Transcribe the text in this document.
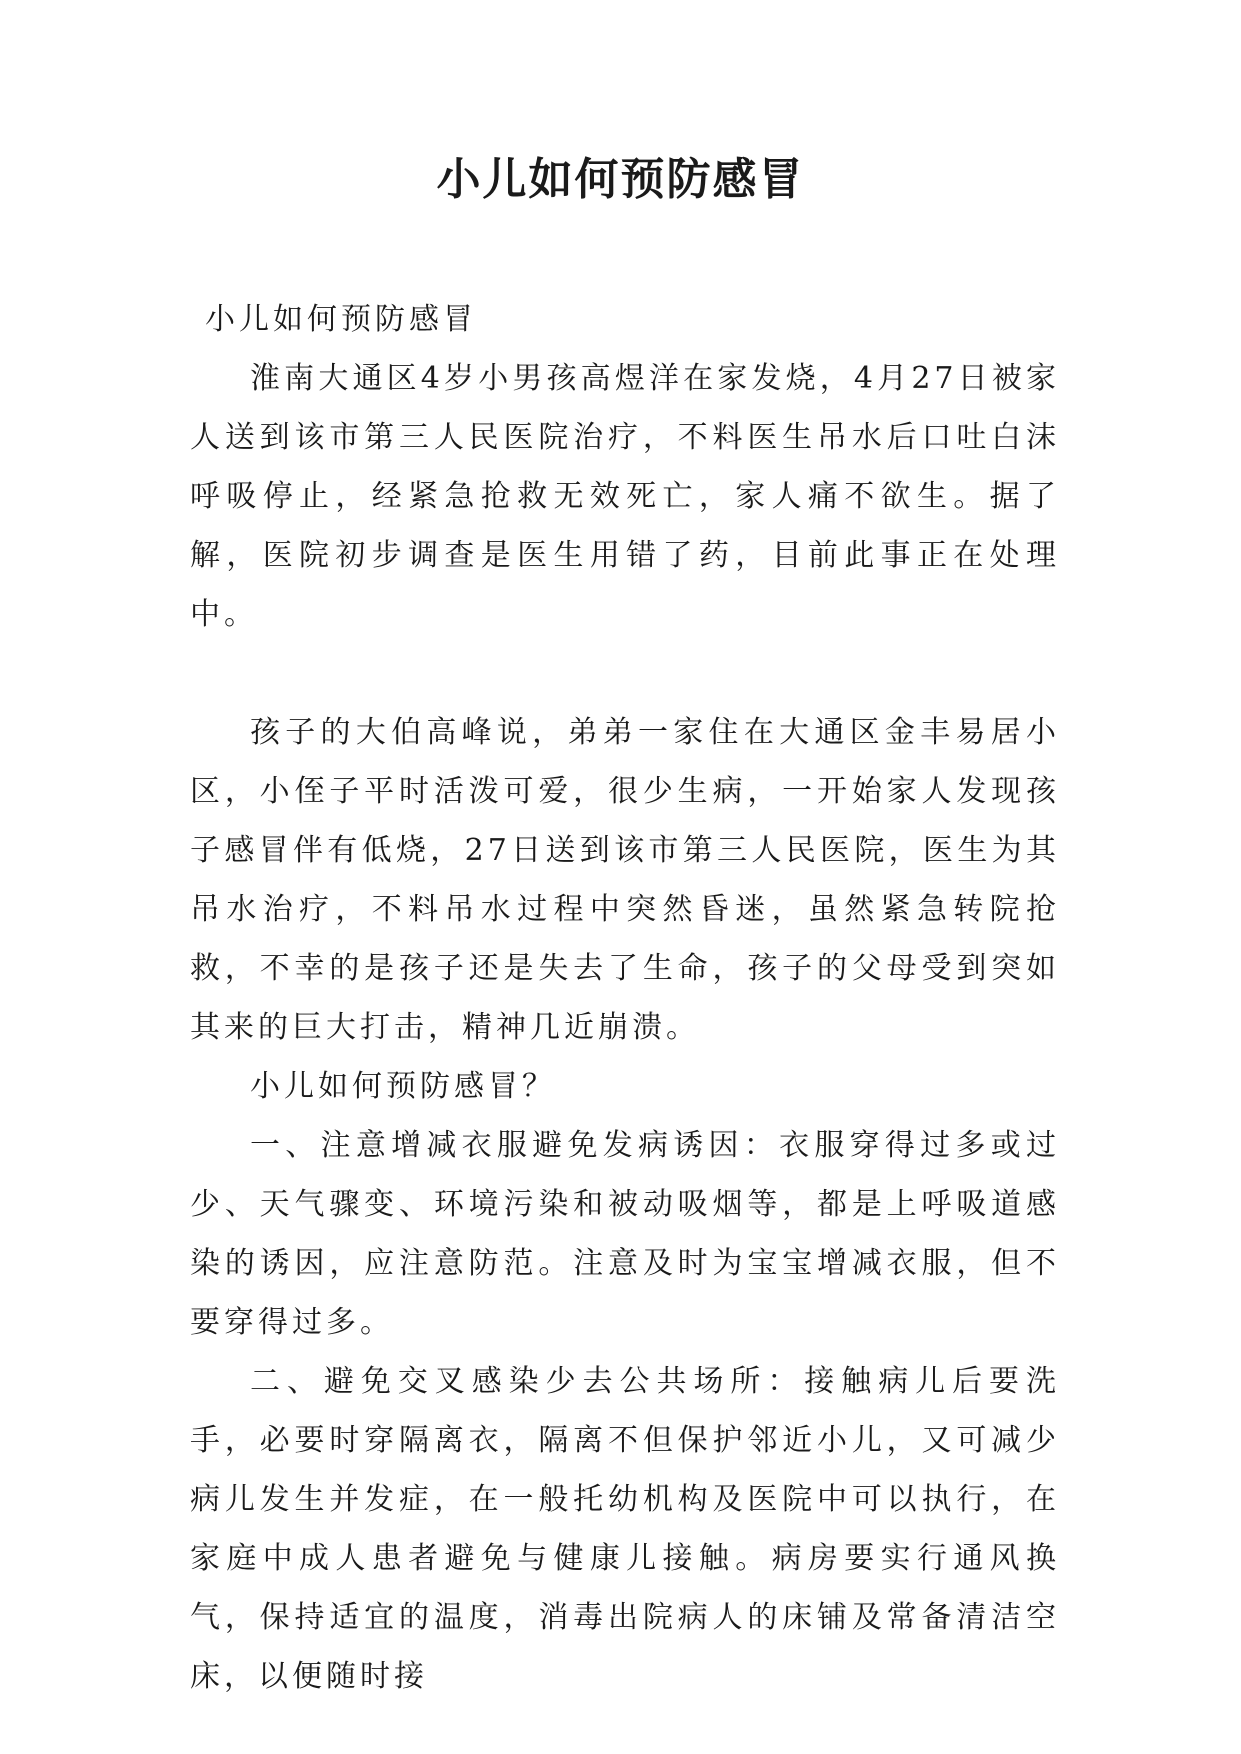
小儿如何预防感冒

小儿如何预防感冒

淮南大通区4岁小男孩高煜洋在家发烧，4月27日被家人送到该市第三人民医院治疗，不料医生吊水后口吐白沫呼吸停止，经紧急抢救无效死亡，家人痛不欲生。据了解，医院初步调查是医生用错了药，目前此事正在处理中。

孩子的大伯高峰说，弟弟一家住在大通区金丰易居小区，小侄子平时活泼可爱，很少生病，一开始家人发现孩子感冒伴有低烧，27日送到该市第三人民医院，医生为其吊水治疗，不料吊水过程中突然昏迷，虽然紧急转院抢救，不幸的是孩子还是失去了生命，孩子的父母受到突如其来的巨大打击，精神几近崩溃。

小儿如何预防感冒？

一、注意增减衣服避免发病诱因：衣服穿得过多或过少、天气骤变、环境污染和被动吸烟等，都是上呼吸道感染的诱因，应注意防范。注意及时为宝宝增减衣服，但不要穿得过多。

二、避免交叉感染少去公共场所：接触病儿后要洗手，必要时穿隔离衣，隔离不但保护邻近小儿，又可减少病儿发生并发症，在一般托幼机构及医院中可以执行，在家庭中成人患者避免与健康儿接触。病房要实行通风换气，保持适宜的温度，消毒出院病人的床铺及常备清洁空床，以便随时接
